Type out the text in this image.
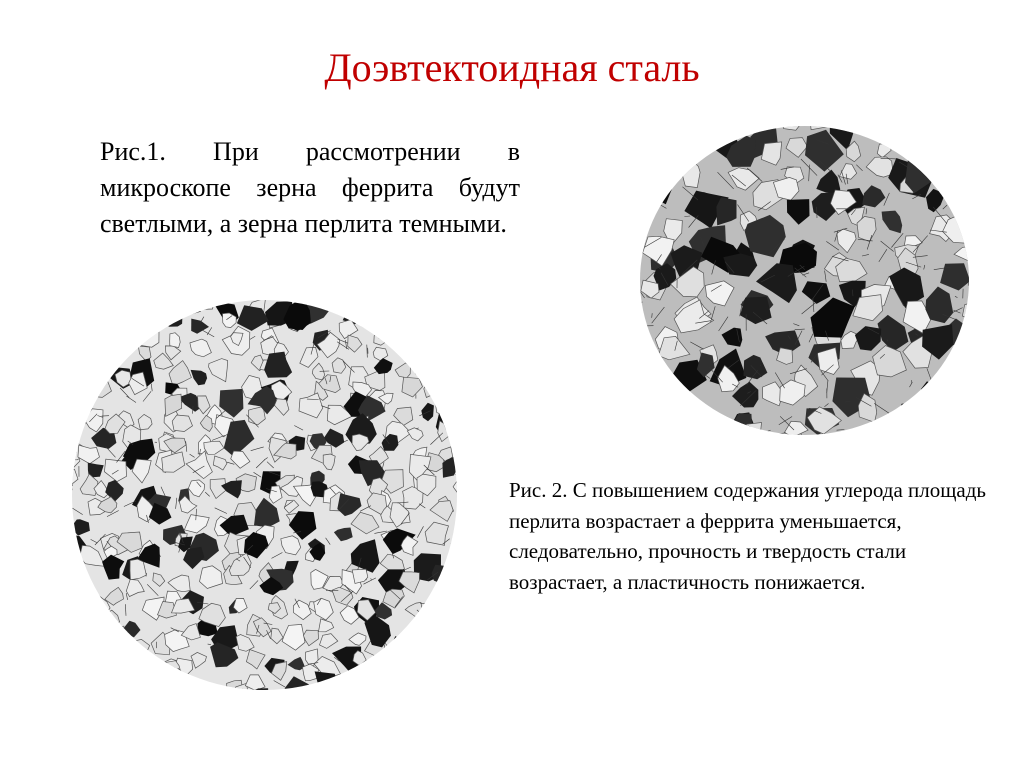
Доэвтектоидная сталь
Рис.1. При рассмотрении в микроскопе зерна феррита будут светлыми, а зерна перлита темными.
Рис. 2. С повышением содержания углерода площадь перлита возрастает а феррита уменьшается, следовательно, прочность и твердость стали возрастает, а пластичность понижается.
